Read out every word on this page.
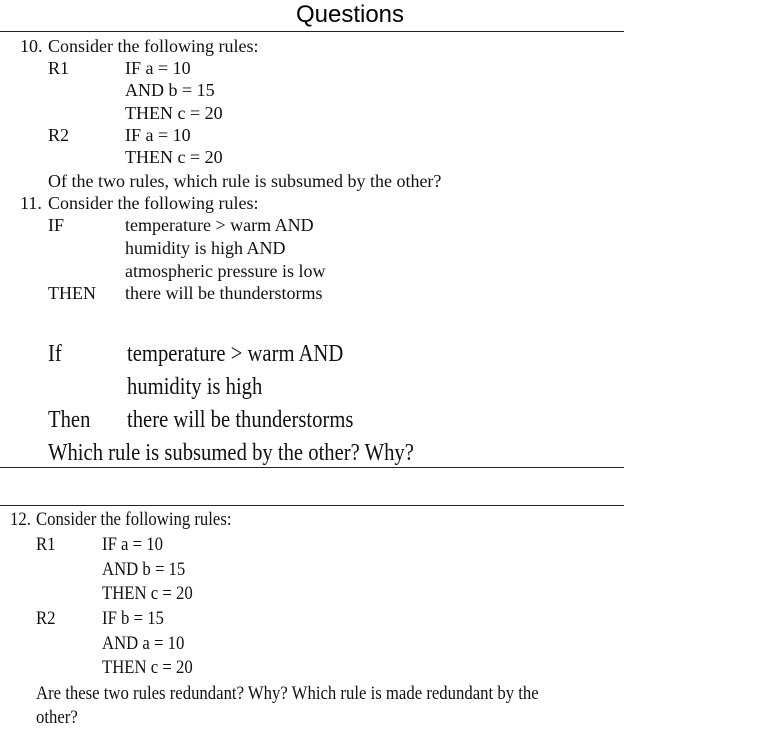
Questions
10. Consider the following rules:
R1	IF a = 10
AND b = 15
THEN c = 20
R2	IF a = 10
THEN c = 20
Of the two rules, which rule is subsumed by the other?
11. Consider the following rules:
IF	temperature > warm AND
humidity is high AND
atmospheric pressure is low
THEN there will be thunderstorms
If	temperature > warm AND
humidity is high
Then there will be thunderstorms
Which rule is subsumed by the other? Why?
12. Consider the following rules:
R1 IF a = 10
AND b = 15
THEN c = 20
R2 IF b = 15
AND a = 10
THEN c = 20
Are these two rules redundant? Why? Which rule is made redundant by the
other?
